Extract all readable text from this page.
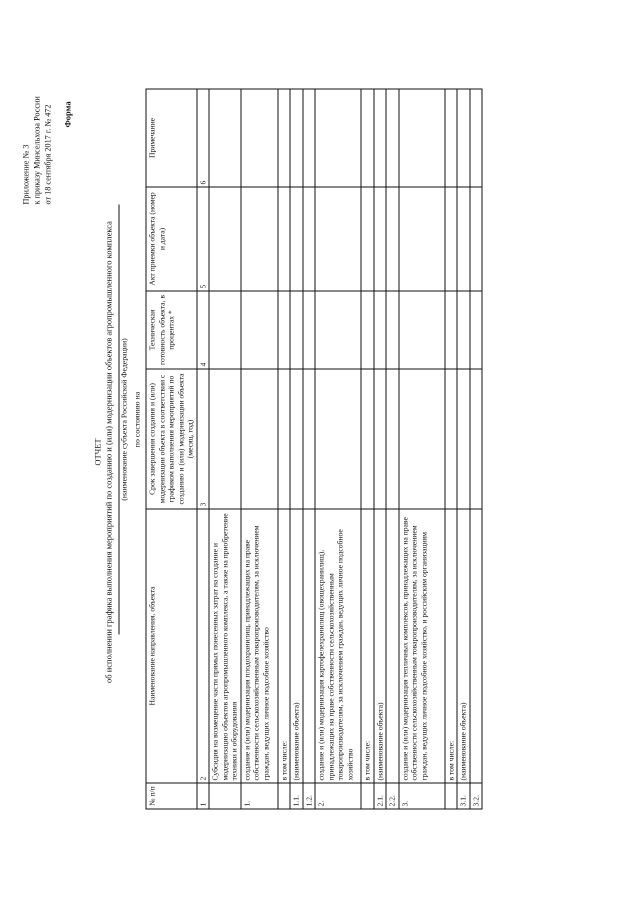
Приложение № 3 к приказу Минсельхоза России от 18 сентября 2017 г. № 472 Форма
ОТЧЕТ об исполнении графика выполнения мероприятий по созданию и (или) модернизации объектов агропромышленного комплекса (наименование субъекта Российской Федерации) по состоянию на
№ п/п	Наименование направления, объекта	Срок завершения создания и (или) модернизации объекта в соответствии с графиком выполнения мероприятий по созданию и (или) модернизации объекта (месяц, год)	Техническая готовность объекта, в процентах *	Акт приемки объекта (номер и дата)	Примечание
1	2	3	4	5	6
	Субсидия на возмещение части прямых понесенных затрат на создание и модернизацию объектов агропромышленного комплекса, а также на приобретение техники и оборудования				
1.	создание и (или) модернизация плодохранилищ, принадлежащих на праве собственности сельскохозяйственным товаропроизводителям, за исключением граждан, ведущих личное подсобное хозяйство				
	в том числе:				
1.1.	(наименование объекта)				
1.2.					
2.	создание и (или) модернизация картофелехранилищ (овощехранилищ), принадлежащих на праве собственности сельскохозяйственным товаропроизводителям, за исключением граждан, ведущих личное подсобное хозяйство				
	в том числе:				
2.1.	(наименование объекта)				
2.2.					
3.	создание и (или) модернизация тепличных комплексов, принадлежащих на праве собственности сельскохозяйственным товаропроизводителям, за исключением граждан, ведущих личное подсобное хозяйство, и российским организациям				
	в том числе:				
3.1.	(наименование объекта)				
3.2.					
